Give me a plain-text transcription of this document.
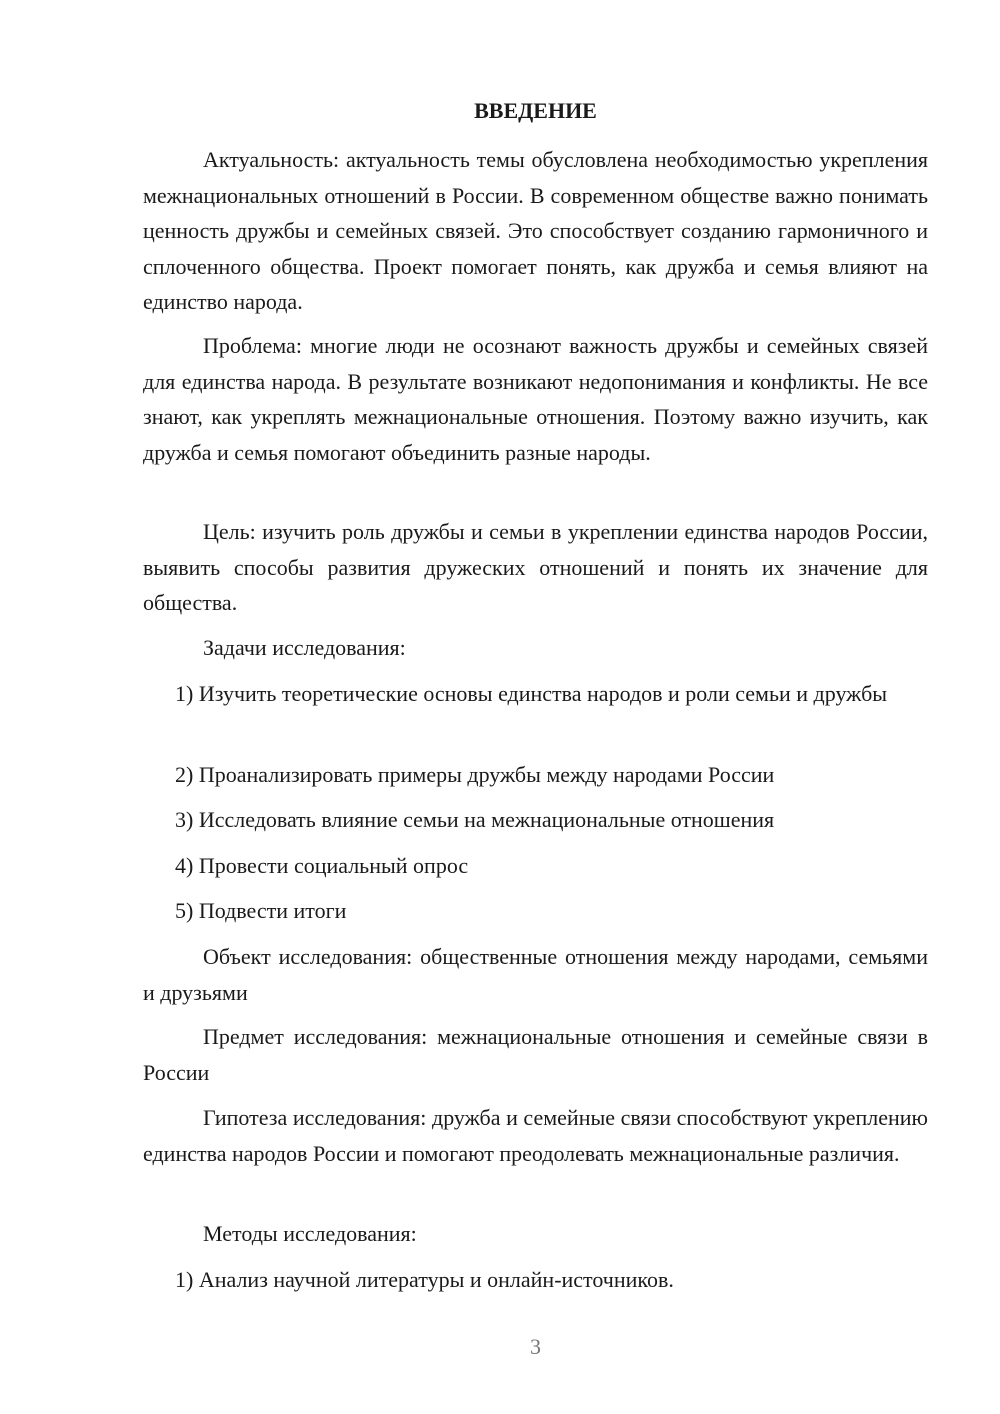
ВВЕДЕНИЕ

Актуальность: актуальность темы обусловлена необходимостью укрепления межнациональных отношений в России. В современном обществе важно понимать ценность дружбы и семейных связей. Это способствует созданию гармоничного и сплоченного общества. Проект помогает понять, как дружба и семья влияют на единство народа.

Проблема: многие люди не осознают важность дружбы и семейных связей для единства народа. В результате возникают недопонимания и конфликты. Не все знают, как укреплять межнациональные отношения. Поэтому важно изучить, как дружба и семья помогают объединить разные народы.

Цель: изучить роль дружбы и семьи в укреплении единства народов России, выявить способы развития дружеских отношений и понять их значение для общества.

Задачи исследования:

1) Изучить теоретические основы единства народов и роли семьи и дружбы

2) Проанализировать примеры дружбы между народами России

3) Исследовать влияние семьи на межнациональные отношения

4) Провести социальный опрос

5) Подвести итоги

Объект исследования: общественные отношения между народами, семьями и друзьями

Предмет исследования: межнациональные отношения и семейные связи в России

Гипотеза исследования: дружба и семейные связи способствуют укреплению единства народов России и помогают преодолевать межнациональные различия.

Методы исследования:

1) Анализ научной литературы и онлайн-источников.

3
